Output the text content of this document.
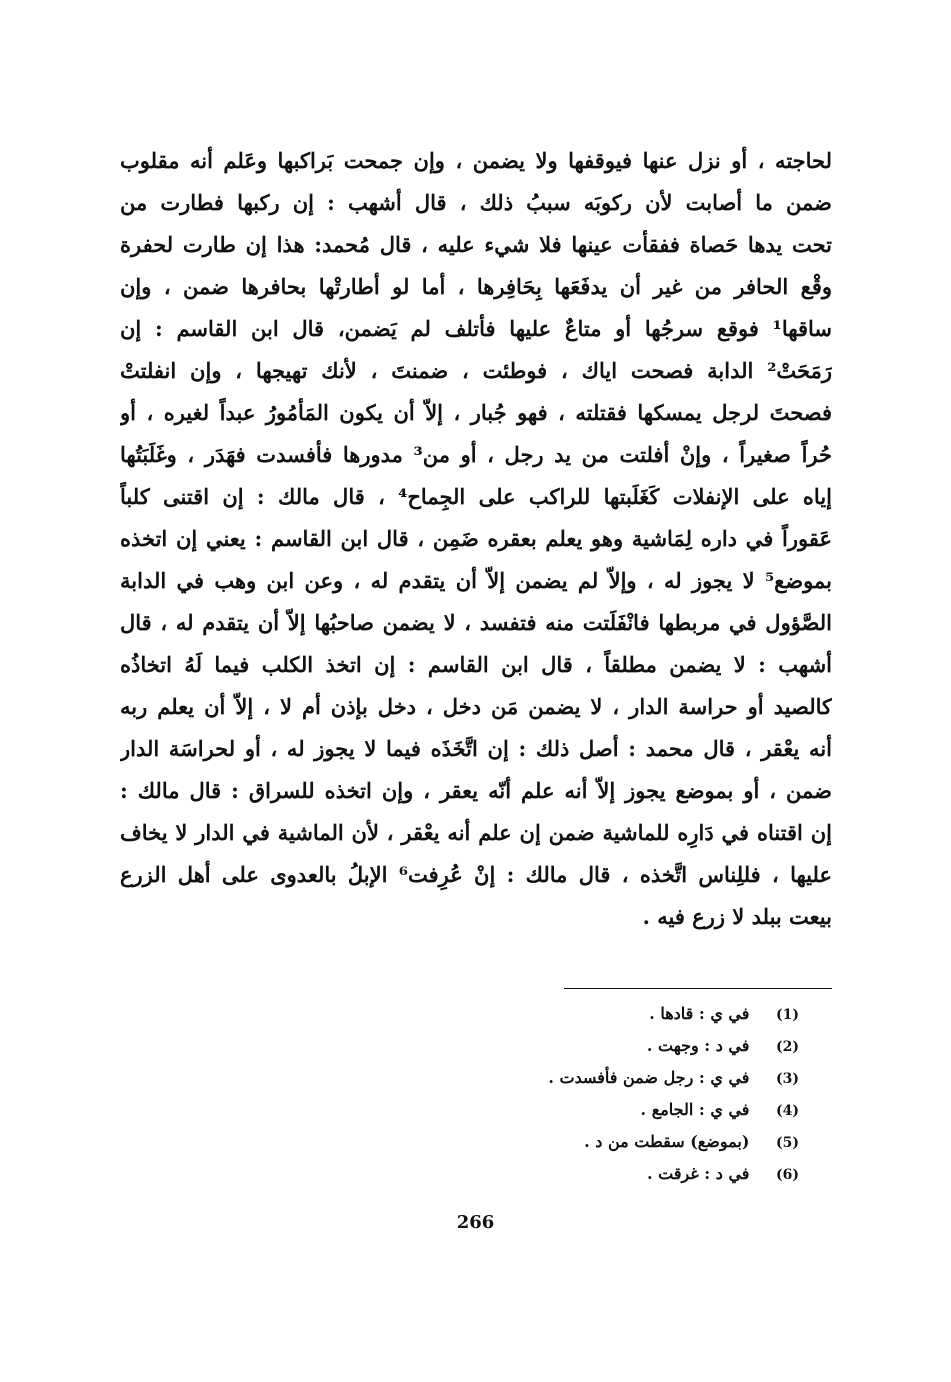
لحاجته ، أو نزل عنها فيوقفها ولا يضمن ، وإن جمحت بَراكبها وعَلم أنه مقلوب
ضمن ما أصابت لأن ركوبَه سببُ ذلك ، قال أشهب : إن ركبها فطارت من
تحت يدها حَصاة ففقأت عينها فلا شيء عليه ، قال مُحمد: هذا إن طارت لحفرة
وقْع الحافر من غير أن يدفَعَها بِحَافِرها ، أما لو أطارتْها بحافرها ضمن ، وإن
ساقها¹ فوقع سرجُها أو متاعٌ عليها فأتلف لم يَضمن، قال ابن القاسم : إن
رَمَحَتْ² الدابة فصحت اياك ، فوطئت ، ضمنتَ ، لأنك تهيجها ، وإن انفلتتْ
فصحتَ لرجل يمسكها فقتلته ، فهو جُبار ، إلاّ أن يكون المَأمُورُ عبداً لغيره ، أو
حُراً صغيراً ، وإنْ أفلتت من يد رجل ، أو من³ مدورها فأفسدت فهَدَر ، وغَلَبَتُها
إياه على الإنفلات كَغَلَبتها للراكب على الجِماح⁴ ، قال مالك : إن اقتنى كلباً
عَقوراً في داره لِمَاشية وهو يعلم بعقره ضَمِن ، قال ابن القاسم : يعني إن اتخذه
بموضع⁵ لا يجوز له ، وإلاّ لم يضمن إلاّ أن يتقدم له ، وعن ابن وهب في الدابة
الصَّؤول في مربطها فانْفَلَتت منه فتفسد ، لا يضمن صاحبُها إلاّ أن يتقدم له ، قال
أشهب : لا يضمن مطلقاً ، قال ابن القاسم : إن اتخذ الكلب فيما لَهُ اتخاذُه
كالصيد أو حراسة الدار ، لا يضمن مَن دخل ، دخل بإذن أم لا ، إلاّ أن يعلم ربه
أنه يعْقر ، قال محمد : أصل ذلك : إن اتَّخَذَه فيما لا يجوز له ، أو لحراسَة الدار
ضمن ، أو بموضع يجوز إلاّ أنه علم أنّه يعقر ، وإن اتخذه للسراق : قال مالك :
إن اقتناه في دَارِه للماشية ضمن إن علم أنه يعْقر ، لأن الماشية في الدار لا يخاف
عليها ، فللِناس اتَّخذه ، قال مالك : إنْ عُرِفت⁶ الإبلُ بالعدوى على أهل الزرع
بيعت ببلد لا زرع فيه .
(1) في ي : قادها .
(2) في د : وجهت .
(3) في ي : رجل ضمن فأفسدت .
(4) في ي : الجامع .
(5) (بموضع) سقطت من د .
(6) في د : غرقت .
266
